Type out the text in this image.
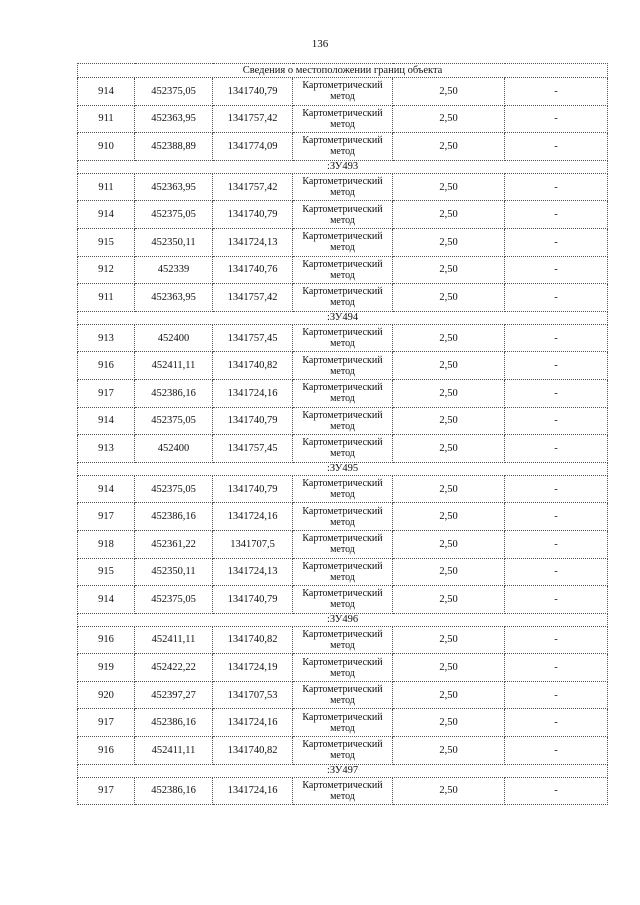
136
Сведения о местоположении границ объекта					
914	452375,05	1341740,79	Картометрический метод	2,50	-
911	452363,95	1341757,42	Картометрический метод	2,50	-
910	452388,89	1341774,09	Картометрический метод	2,50	-
:ЗУ493					
911	452363,95	1341757,42	Картометрический метод	2,50	-
914	452375,05	1341740,79	Картометрический метод	2,50	-
915	452350,11	1341724,13	Картометрический метод	2,50	-
912	452339	1341740,76	Картометрический метод	2,50	-
911	452363,95	1341757,42	Картометрический метод	2,50	-
:ЗУ494					
913	452400	1341757,45	Картометрический метод	2,50	-
916	452411,11	1341740,82	Картометрический метод	2,50	-
917	452386,16	1341724,16	Картометрический метод	2,50	-
914	452375,05	1341740,79	Картометрический метод	2,50	-
913	452400	1341757,45	Картометрический метод	2,50	-
:ЗУ495					
914	452375,05	1341740,79	Картометрический метод	2,50	-
917	452386,16	1341724,16	Картометрический метод	2,50	-
918	452361,22	1341707,5	Картометрический метод	2,50	-
915	452350,11	1341724,13	Картометрический метод	2,50	-
914	452375,05	1341740,79	Картометрический метод	2,50	-
:ЗУ496					
916	452411,11	1341740,82	Картометрический метод	2,50	-
919	452422,22	1341724,19	Картометрический метод	2,50	-
920	452397,27	1341707,53	Картометрический метод	2,50	-
917	452386,16	1341724,16	Картометрический метод	2,50	-
916	452411,11	1341740,82	Картометрический метод	2,50	-
:ЗУ497					
917	452386,16	1341724,16	Картометрический метод	2,50	-
